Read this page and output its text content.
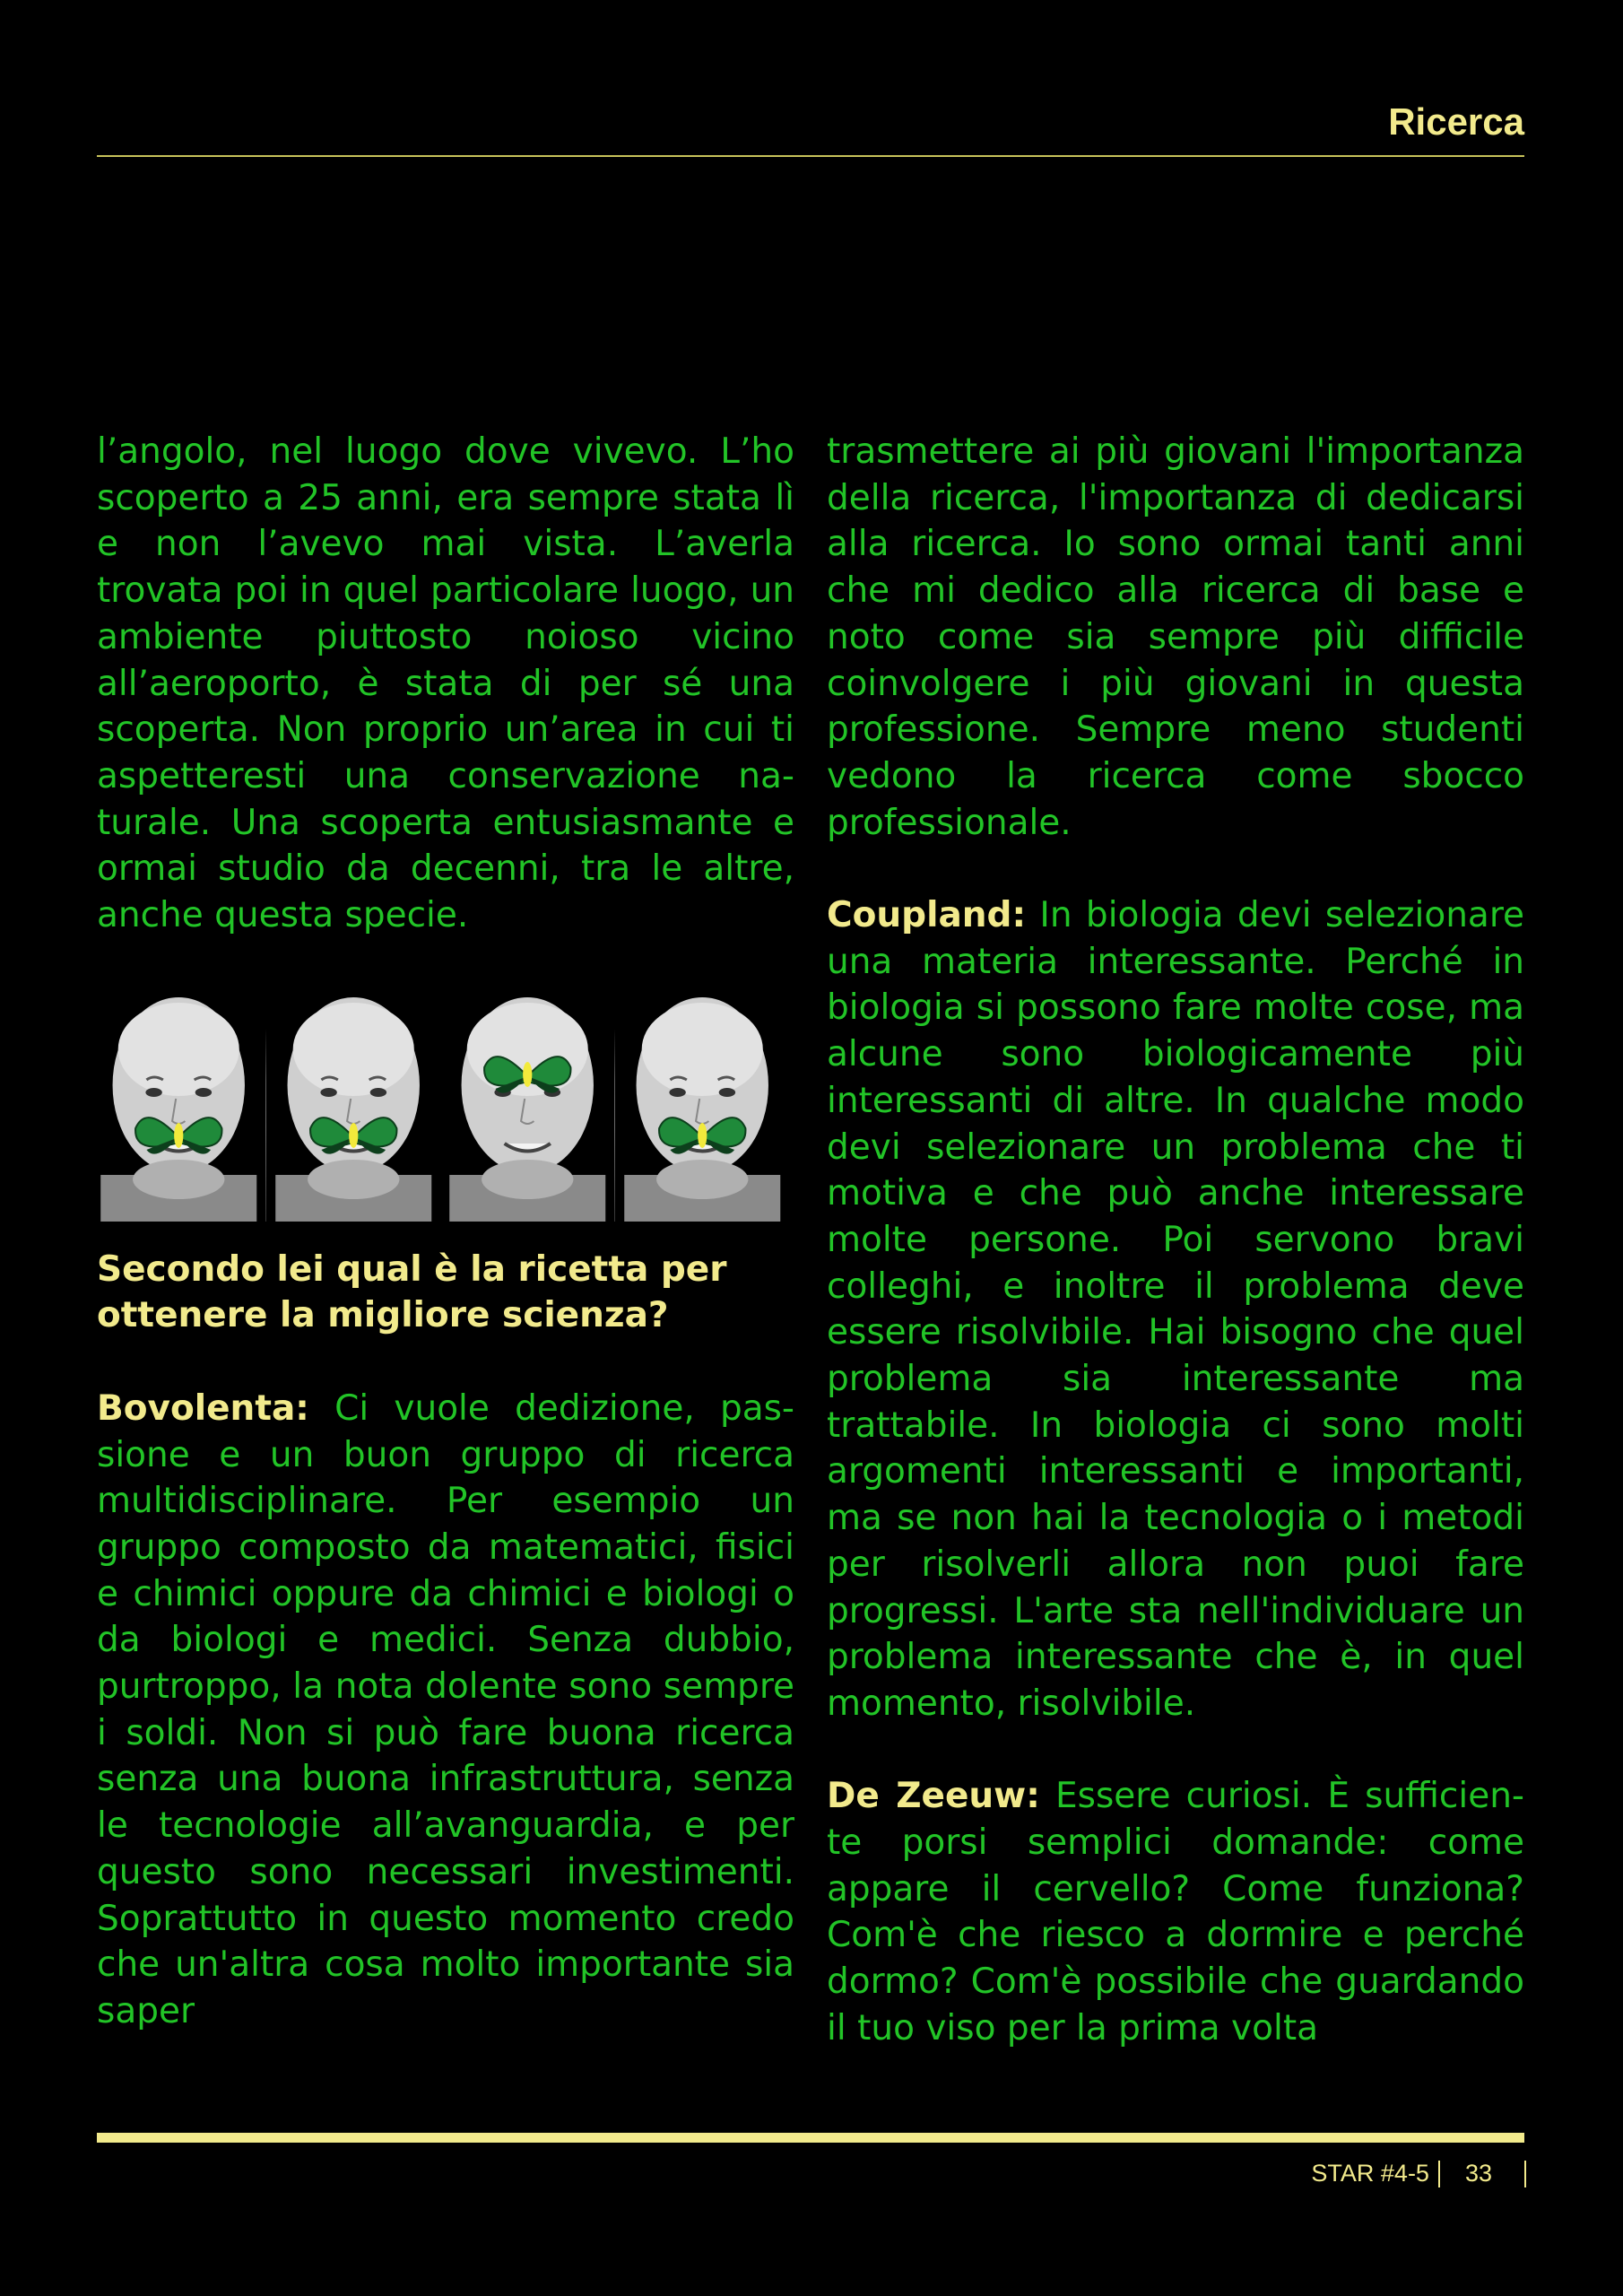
Ricerca

l’angolo, nel luogo dove vivevo. L’ho scoperto a 25 anni, era sempre stata lì e non l’avevo mai vista. L’averla trovata poi in quel particolare luogo, un ambiente piuttosto noioso vicino all’aeroporto, è stata di per sé una scoperta. Non proprio un’area in cui ti aspetteresti una conservazione naturale. Una scoperta entusiasmante e ormai studio da decenni, tra le altre, anche questa specie.

Secondo lei qual è la ricetta per ottenere la migliore scienza?

Bovolenta: Ci vuole dedizione, passione e un buon gruppo di ricerca multidisciplinare. Per esempio un gruppo composto da matematici, fisici e chimici oppure da chimici e biologi o da biologi e medici. Senza dubbio, purtroppo, la nota dolente sono sempre i soldi. Non si può fare buona ricerca senza una buona infrastruttura, senza le tecnologie all’avanguardia, e per questo sono necessari investimenti. Soprattutto in questo momento credo che un'altra cosa molto importante sia saper

trasmettere ai più giovani l'importanza della ricerca, l'importanza di dedicarsi alla ricerca. Io sono ormai tanti anni che mi dedico alla ricerca di base e noto come sia sempre più difficile coinvolgere i più giovani in questa professione. Sempre meno studenti vedono la ricerca come sbocco professionale.

Coupland: In biologia devi selezionare una materia interessante. Perché in biologia si possono fare molte cose, ma alcune sono biologicamente più interessanti di altre. In qualche modo devi selezionare un problema che ti motiva e che può anche interessare molte persone. Poi servono bravi colleghi, e inoltre il problema deve essere risolvibile. Hai bisogno che quel problema sia interessante ma trattabile. In biologia ci sono molti argomenti interessanti e importanti, ma se non hai la tecnologia o i metodi per risolverli allora non puoi fare progressi. L'arte sta nell'individuare un problema interessante che è, in quel momento, risolvibile.

De Zeeuw: Essere curiosi. È sufficiente porsi semplici domande: come appare il cervello? Come funziona? Com'è che riesco a dormire e perché dormo? Com'è possibile che guardando il tuo viso per la prima volta

STAR #4-5 33
